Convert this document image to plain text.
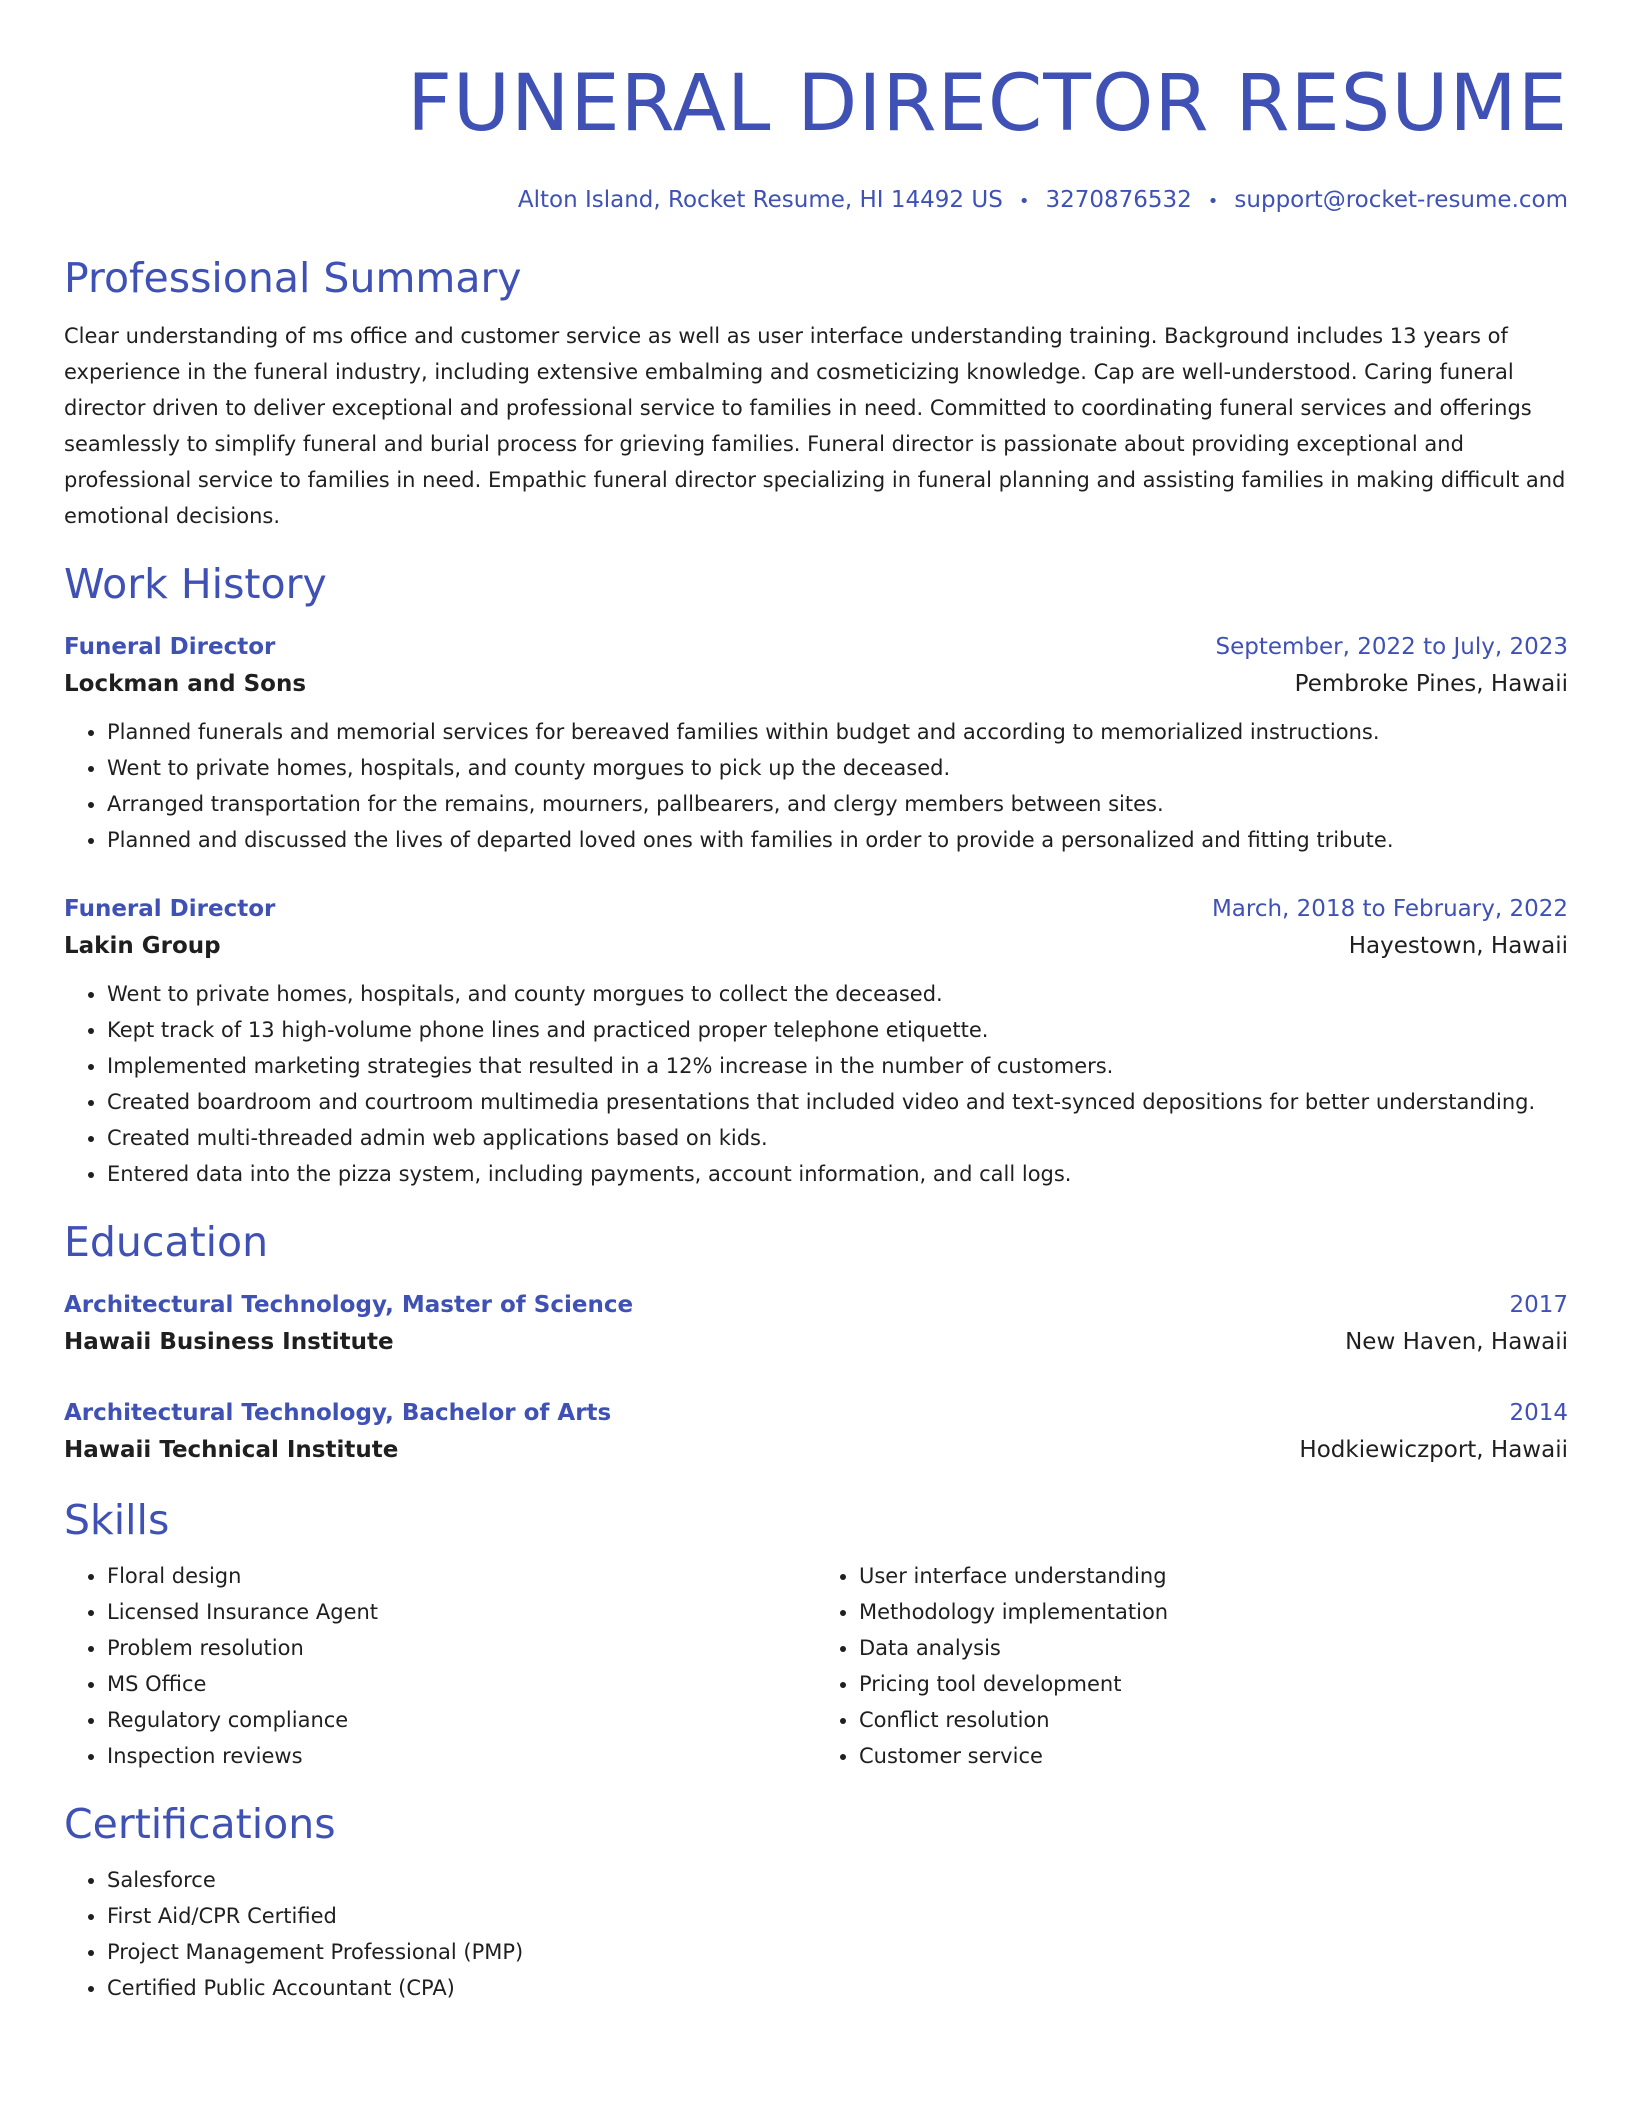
FUNERAL DIRECTOR RESUME
Alton Island, Rocket Resume, HI 14492 US • 3270876532 • support@rocket-resume.com
Professional Summary

Clear understanding of ms office and customer service as well as user interface understanding training. Background includes 13 years of experience in the funeral industry, including extensive embalming and cosmeticizing knowledge. Cap are well-understood. Caring funeral director driven to deliver exceptional and professional service to families in need. Committed to coordinating funeral services and offerings seamlessly to simplify funeral and burial process for grieving families. Funeral director is passionate about providing exceptional and professional service to families in need. Empathic funeral director specializing in funeral planning and assisting families in making difficult and emotional decisions.

Work History
Funeral Director	September, 2022 to July, 2023
Lockman and Sons	Pembroke Pines, Hawaii
• Planned funerals and memorial services for bereaved families within budget and according to memorialized instructions.
• Went to private homes, hospitals, and county morgues to pick up the deceased.
• Arranged transportation for the remains, mourners, pallbearers, and clergy members between sites.
• Planned and discussed the lives of departed loved ones with families in order to provide a personalized and fitting tribute.
Funeral Director	March, 2018 to February, 2022
Lakin Group	Hayestown, Hawaii
• Went to private homes, hospitals, and county morgues to collect the deceased.
• Kept track of 13 high-volume phone lines and practiced proper telephone etiquette.
• Implemented marketing strategies that resulted in a 12% increase in the number of customers.
• Created boardroom and courtroom multimedia presentations that included video and text-synced depositions for better understanding.
• Created multi-threaded admin web applications based on kids.
• Entered data into the pizza system, including payments, account information, and call logs.
Education
Architectural Technology, Master of Science	2017
Hawaii Business Institute	New Haven, Hawaii
Architectural Technology, Bachelor of Arts	2014
Hawaii Technical Institute	Hodkiewiczport, Hawaii
Skills
• Floral design
• Licensed Insurance Agent
• Problem resolution
• MS Office
• Regulatory compliance
• Inspection reviews
• User interface understanding
• Methodology implementation
• Data analysis
• Pricing tool development
• Conflict resolution
• Customer service
Certifications
• Salesforce
• First Aid/CPR Certified
• Project Management Professional (PMP)
• Certified Public Accountant (CPA)
